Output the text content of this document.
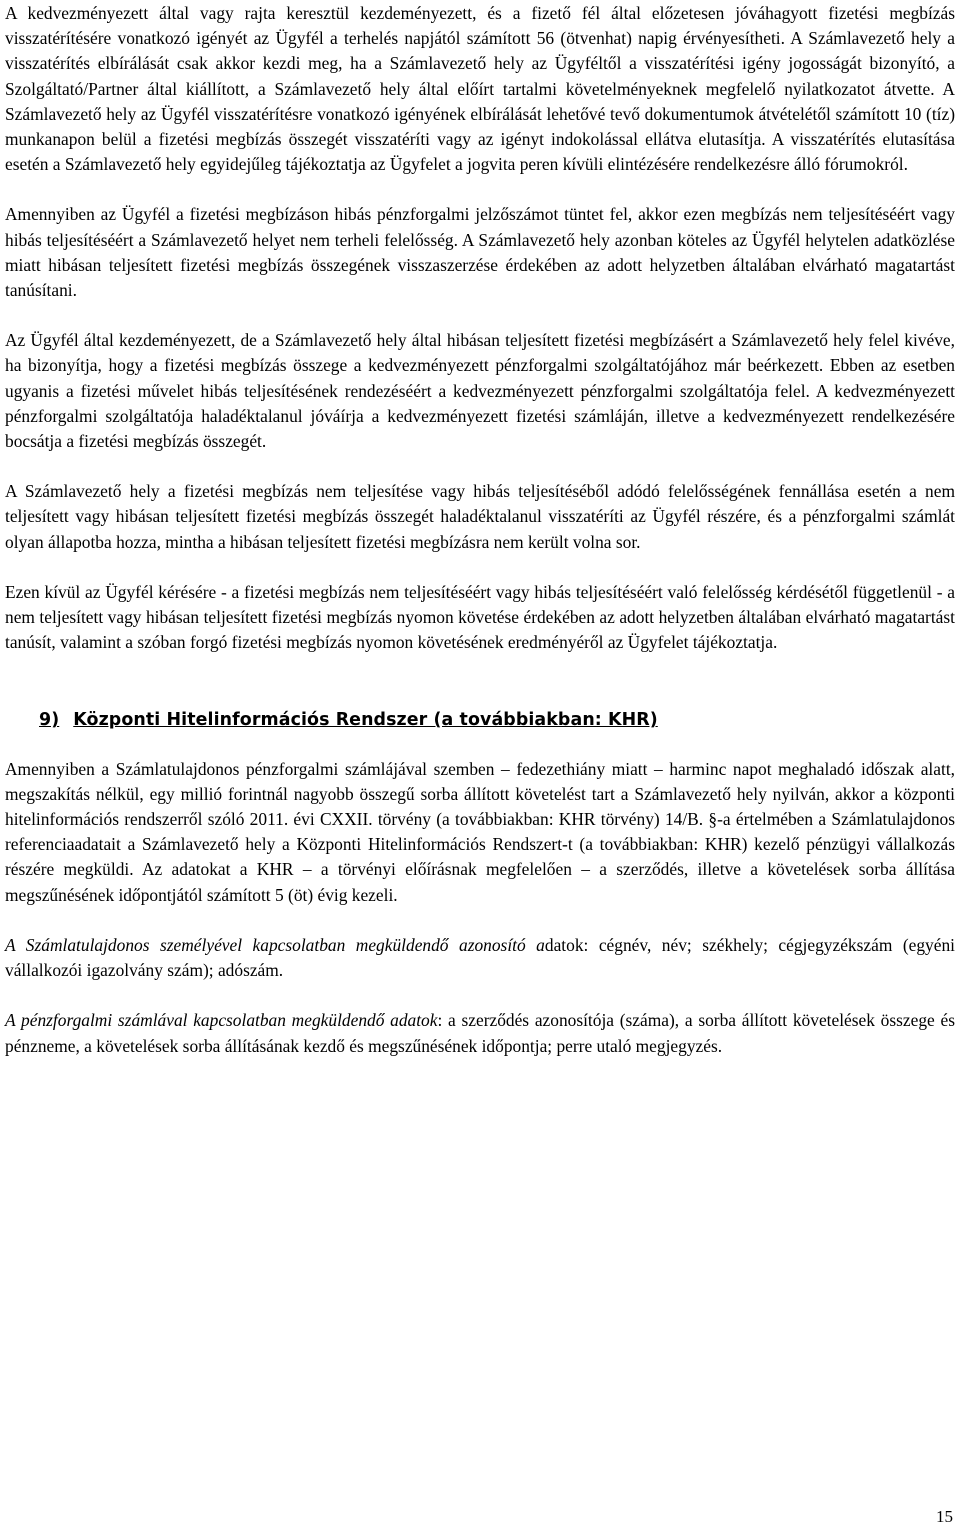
A kedvezményezett által vagy rajta keresztül kezdeményezett, és a fizető fél által előzetesen jóváhagyott fizetési megbízás visszatérítésére vonatkozó igényét az Ügyfél a terhelés napjától számított 56 (ötvenhat) napig érvényesítheti. A Számlavezető hely a visszatérítés elbírálását csak akkor kezdi meg, ha a Számlavezető hely az Ügyféltől a visszatérítési igény jogosságát bizonyító, a Szolgáltató/Partner által kiállított, a Számlavezető hely által előírt tartalmi követelményeknek megfelelő nyilatkozatot átvette. A Számlavezető hely az Ügyfél visszatérítésre vonatkozó igényének elbírálását lehetővé tevő dokumentumok átvételétől számított 10 (tíz) munkanapon belül a fizetési megbízás összegét visszatéríti vagy az igényt indokolással ellátva elutasítja. A visszatérítés elutasítása esetén a Számlavezető hely egyidejűleg tájékoztatja az Ügyfelet a jogvita peren kívüli elintézésére rendelkezésre álló fórumokról.

Amennyiben az Ügyfél a fizetési megbízáson hibás pénzforgalmi jelzőszámot tüntet fel, akkor ezen megbízás nem teljesítéséért vagy hibás teljesítéséért a Számlavezető helyet nem terheli felelősség. A Számlavezető hely azonban köteles az Ügyfél helytelen adatközlése miatt hibásan teljesített fizetési megbízás összegének visszaszerzése érdekében az adott helyzetben általában elvárható magatartást tanúsítani.

Az Ügyfél által kezdeményezett, de a Számlavezető hely által hibásan teljesített fizetési megbízásért a Számlavezető hely felel kivéve, ha bizonyítja, hogy a fizetési megbízás összege a kedvezményezett pénzforgalmi szolgáltatójához már beérkezett. Ebben az esetben ugyanis a fizetési művelet hibás teljesítésének rendezéséért a kedvezményezett pénzforgalmi szolgáltatója felel. A kedvezményezett pénzforgalmi szolgáltatója haladéktalanul jóváírja a kedvezményezett fizetési számláján, illetve a kedvezményezett rendelkezésére bocsátja a fizetési megbízás összegét.

A Számlavezető hely a fizetési megbízás nem teljesítése vagy hibás teljesítéséből adódó felelősségének fennállása esetén a nem teljesített vagy hibásan teljesített fizetési megbízás összegét haladéktalanul visszatéríti az Ügyfél részére, és a pénzforgalmi számlát olyan állapotba hozza, mintha a hibásan teljesített fizetési megbízásra nem került volna sor.

Ezen kívül az Ügyfél kérésére - a fizetési megbízás nem teljesítéséért vagy hibás teljesítéséért való felelősség kérdésétől függetlenül - a nem teljesített vagy hibásan teljesített fizetési megbízás nyomon követése érdekében az adott helyzetben általában elvárható magatartást tanúsít, valamint a szóban forgó fizetési megbízás nyomon követésének eredményéről az Ügyfelet tájékoztatja.

9) Központi Hitelinformációs Rendszer (a továbbiakban: KHR)

Amennyiben a Számlatulajdonos pénzforgalmi számlájával szemben – fedezethiány miatt – harminc napot meghaladó időszak alatt, megszakítás nélkül, egy millió forintnál nagyobb összegű sorba állított követelést tart a Számlavezető hely nyilván, akkor a központi hitelinformációs rendszerről szóló 2011. évi CXXII. törvény (a továbbiakban: KHR törvény) 14/B. §-a értelmében a Számlatulajdonos referenciaadatait a Számlavezető hely a Központi Hitelinformációs Rendszert-t (a továbbiakban: KHR) kezelő pénzügyi vállalkozás részére megküldi. Az adatokat a KHR – a törvényi előírásnak megfelelően – a szerződés, illetve a követelések sorba állítása megszűnésének időpontjától számított 5 (öt) évig kezeli.

A Számlatulajdonos személyével kapcsolatban megküldendő azonosító adatok: cégnév, név; székhely; cégjegyzékszám (egyéni vállalkozói igazolvány szám); adószám.

A pénzforgalmi számlával kapcsolatban megküldendő adatok: a szerződés azonosítója (száma), a sorba állított követelések összege és pénzneme, a követelések sorba állításának kezdő és megszűnésének időpontja; perre utaló megjegyzés.

15
